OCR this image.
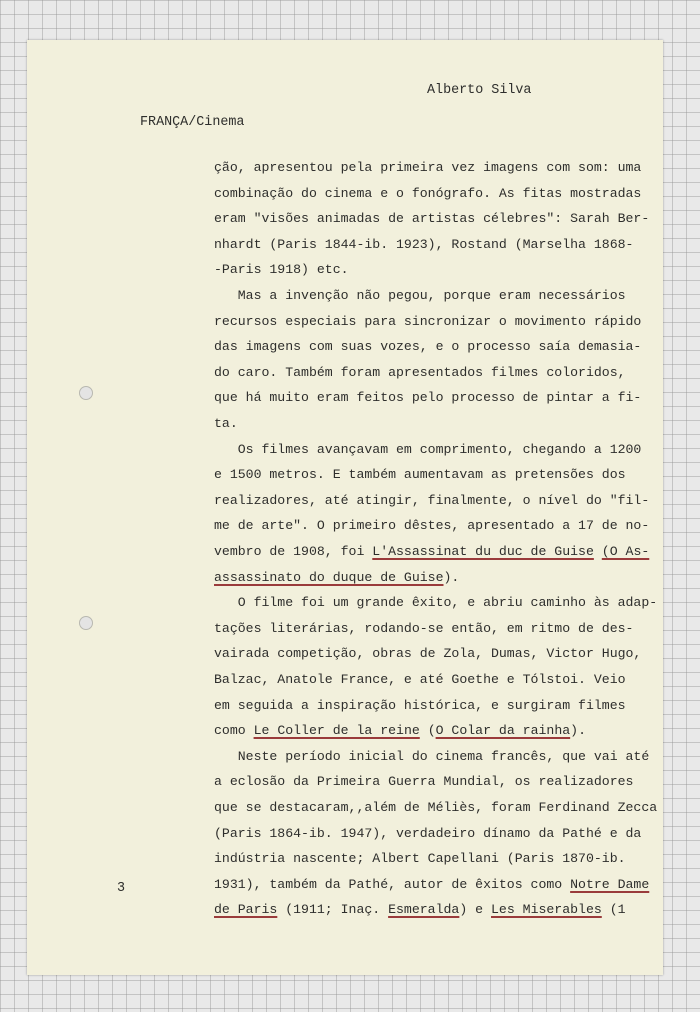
Alberto Silva
FRANÇA/Cinema
3
ção, apresentou pela primeira vez imagens com som: uma
combinação do cinema e o fonógrafo. As fitas mostradas
eram "visões animadas de artistas célebres": Sarah Ber-
nhardt (Paris 1844-ib. 1923), Rostand (Marselha 1868-
-Paris 1918) etc.
Mas a invenção não pegou, porque eram necessários
recursos especiais para sincronizar o movimento rápido
das imagens com suas vozes, e o processo saía demasia-
do caro. Também foram apresentados filmes coloridos,
que há muito eram feitos pelo processo de pintar a fi-
ta.
Os filmes avançavam em comprimento, chegando a 1200
e 1500 metros. E também aumentavam as pretensões dos
realizadores, até atingir, finalmente, o nível do "fil-
me de arte". O primeiro dêstes, apresentado a 17 de no-
vembro de 1908, foi L'Assassinat du duc de Guise (O As-
assassinato do duque de Guise).
O filme foi um grande êxito, e abriu caminho às adap-
tações literárias, rodando-se então, em ritmo de des-
vairada competição, obras de Zola, Dumas, Victor Hugo,
Balzac, Anatole France, e até Goethe e Tólstoi. Veio
em seguida a inspiração histórica, e surgiram filmes
como Le Coller de la reine (O Colar da rainha).
Neste período inicial do cinema francês, que vai até
a eclosão da Primeira Guerra Mundial, os realizadores
que se destacaram,,além de Méliès, foram Ferdinand Zecca
(Paris 1864-ib. 1947), verdadeiro dínamo da Pathé e da
indústria nascente; Albert Capellani (Paris 1870-ib.
1931), também da Pathé, autor de êxitos como Notre Dame
de Paris (1911; Inaç. Esmeralda) e Les Miserables (1
